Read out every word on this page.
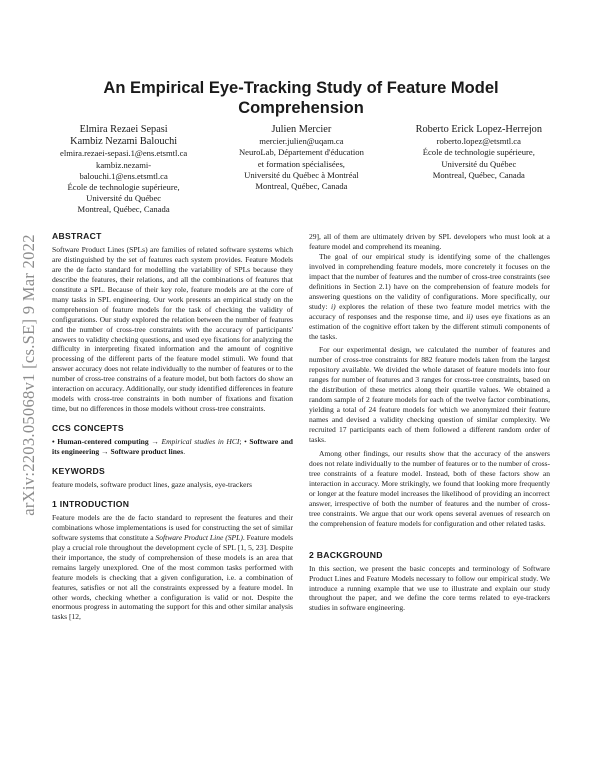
arXiv:2203.05068v1 [cs.SE] 9 Mar 2022
An Empirical Eye-Tracking Study of Feature Model Comprehension
Elmira Rezaei Sepasi
Kambiz Nezami Balouchi
elmira.rezaei-sepasi.1@ens.etsmtl.ca
kambiz.nezami-
balouchi.1@ens.etsmtl.ca
École de technologie supérieure,
Université du Québec
Montreal, Québec, Canada
Julien Mercier
mercier.julien@uqam.ca
NeuroLab, Département d'éducation
et formation spécialisées,
Université du Québec à Montréal
Montreal, Québec, Canada
Roberto Erick Lopez-Herrejon
roberto.lopez@etsmtl.ca
École de technologie supérieure,
Université du Québec
Montreal, Québec, Canada
ABSTRACT

Software Product Lines (SPLs) are families of related software systems which are distinguished by the set of features each system provides. Feature Models are the de facto standard for modelling the variability of SPLs because they describe the features, their relations, and all the combinations of features that constitute a SPL. Because of their key role, feature models are at the core of many tasks in SPL engineering. Our work presents an empirical study on the comprehension of feature models for the task of checking the validity of configurations. Our study explored the relation between the number of features and the number of cross-tree constraints with the accuracy of participants' answers to validity checking questions, and used eye fixations for analyzing the difficulty in interpreting fixated information and the amount of cognitive processing of the different parts of the feature model stimuli. We found that answer accuracy does not relate individually to the number of features or to the number of cross-tree constrains of a feature model, but both factors do show an interaction on accuracy. Additionally, our study identified differences in feature models with cross-tree constraints in both number of fixations and fixation time, but no differences in those models without cross-tree constraints.

CCS CONCEPTS

• Human-centered computing → Empirical studies in HCI; • Software and its engineering → Software product lines.

KEYWORDS

feature models, software product lines, gaze analysis, eye-trackers

1 INTRODUCTION

Feature models are the de facto standard to represent the features and their combinations whose implementations is used for constructing the set of similar software systems that constitute a Software Product Line (SPL). Feature models play a crucial role throughout the development cycle of SPL [1, 5, 23]. Despite their importance, the study of comprehension of these models is an area that remains largely unexplored. One of the most common tasks performed with feature models is checking that a given configuration, i.e. a combination of features, satisfies or not all the constraints expressed by a feature model. In other words, checking whether a configuration is valid or not. Despite the enormous progress in automating the support for this and other similar analysis tasks [12,

29], all of them are ultimately driven by SPL developers who must look at a feature model and comprehend its meaning.

The goal of our empirical study is identifying some of the challenges involved in comprehending feature models, more concretely it focuses on the impact that the number of features and the number of cross-tree constraints (see definitions in Section 2.1) have on the comprehension of feature models for answering questions on the validity of configurations. More specifically, our study: i) explores the relation of these two feature model metrics with the accuracy of responses and the response time, and ii) uses eye fixations as an estimation of the cognitive effort taken by the different stimuli components of the tasks.

For our experimental design, we calculated the number of features and number of cross-tree constraints for 882 feature models taken from the largest repository available. We divided the whole dataset of feature models into four ranges for number of features and 3 ranges for cross-tree constraints, based on the distribution of these metrics along their quartile values. We obtained a random sample of 2 feature models for each of the twelve factor combinations, yielding a total of 24 feature models for which we anonymized their feature names and devised a validity checking question of similar complexity. We recruited 17 participants each of them followed a different random order of tasks.

Among other findings, our results show that the accuracy of the answers does not relate individually to the number of features or to the number of cross-tree constraints of a feature model. Instead, both of these factors show an interaction in accuracy. More strikingly, we found that looking more frequently or longer at the feature model increases the likelihood of providing an incorrect answer, irrespective of both the number of features and the number of cross-tree constraints. We argue that our work opens several avenues of research on the comprehension of feature models for configuration and other related tasks.

2 BACKGROUND

In this section, we present the basic concepts and terminology of Software Product Lines and Feature Models necessary to follow our empirical study. We introduce a running example that we use to illustrate and explain our study throughout the paper, and we define the core terms related to eye-trackers studies in software engineering.
